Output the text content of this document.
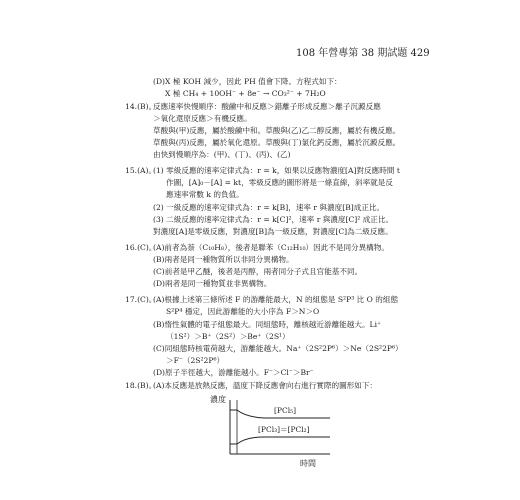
108 年營專第 38 期試題 429
(D)X 極 KOH 減少，因此 PH 值會下降。方程式如下：
X 極 CH₄ + 10OH⁻ + 8e⁻ → CO₃²⁻ + 7H₂O
14.(B)。
反應速率快慢順序：酸鹼中和反應＞錯離子形成反應＞離子沉澱反應
＞氧化還原反應＞有機反應。
草酸與(甲)反應，屬於酸鹼中和。草酸與(乙)乙二醇反應，屬於有機反應。
草酸與(丙)反應，屬於氧化還原。草酸與(丁)氯化鈣反應，屬於沉澱反應。
由快到慢順序為：(甲)、(丁)、(丙)、(乙)
15.(A)。
(1) 零級反應的速率定律式為：r = k，如果以反應物濃度[A]對反應時間 t
作圖，[A]₀－[A] = kt，零級反應的圖形將是一條直線，斜率就是反
應速率常數 k 的負值。
(2) 一級反應的速率定律式為：r = k[B]，速率 r 與濃度[B]成正比。
(3) 二級反應的速率定律式為：r = k[C]²，速率 r 與濃度[C]² 成正比。
對濃度[A]是零級反應，對濃度[B]為一級反應，對濃度[C]為二級反應。
16.(C)。
(A)前者為萘（C₁₀H₈），後者是聯苯（C₁₂H₁₀）因此不是同分異構物。
(B)兩者是同一種物質所以非同分異構物。
(C)前者是甲乙醚，後者是丙醇，兩者同分子式且官能基不同。
(D)兩者是同一種物質並非異構物。
17.(C)。
(A)根據上述第三條所述 F 的游離能最大，N 的組態是 S²P³ 比 O 的組態
S²P⁴ 穩定，因此游離能的大小序為 F＞N＞O
(B)惰性氣體的電子組態最大。同組態時，離核越近游離能越大。Li⁺
（1S²）＞B⁺（2S²）＞Be⁺（2S¹）
(C)同組態時核電荷越大，游離能越大。Na⁺（2S²2P⁶）＞Ne（2S²2P⁶）
＞F⁻（2S²2P⁶）
(D)原子半徑越大，游離能越小。F⁻＞Cl⁻＞Br⁻
18.(B)。
(A)本反應是放熱反應，溫度下降反應會向右進行實際的圖形如下：
濃度
[PCl₅]
[PCl₃]＝[PCl₂]
時間
